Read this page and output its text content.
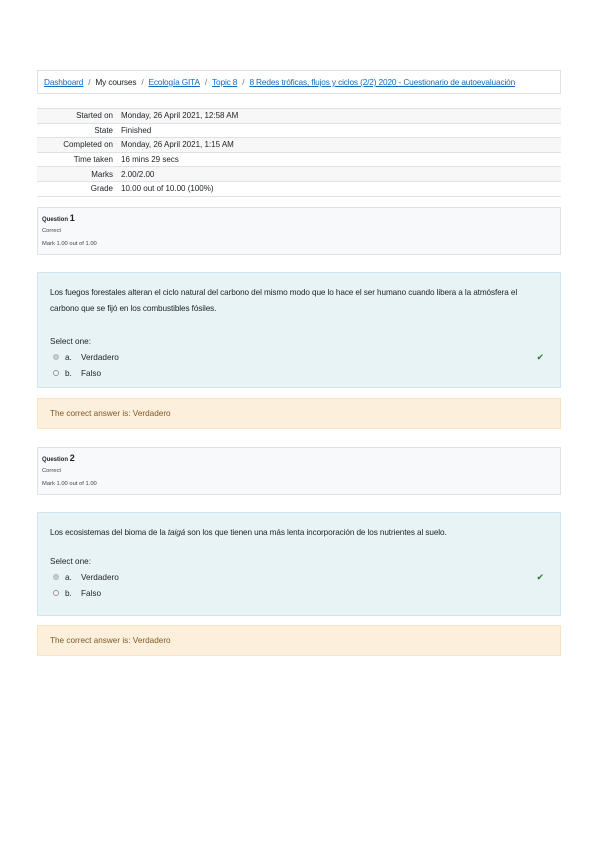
Dashboard / My courses / Ecología GITA / Topic 8 / 8 Redes tróficas, flujos y ciclos (2/2) 2020 - Cuestionario de autoevaluación
Started on	Monday, 26 April 2021, 12:58 AM
State	Finished
Completed on	Monday, 26 April 2021, 1:15 AM
Time taken	16 mins 29 secs
Marks	2.00/2.00
Grade	10.00 out of 10.00 (100%)
Question 1
Correct
Mark 1.00 out of 1.00
Los fuegos forestales alteran el ciclo natural del carbono del mismo modo que lo hace el ser humano cuando libera a la atmósfera el carbono que se fijó en los combustibles fósiles.
Select one:
a.	Verdadero	✔
b.	Falso
The correct answer is: Verdadero
Question 2
Correct
Mark 1.00 out of 1.00
Los ecosistemas del bioma de la taigá son los que tienen una más lenta incorporación de los nutrientes al suelo.
Select one:
a.	Verdadero	✔
b.	Falso
The correct answer is: Verdadero
